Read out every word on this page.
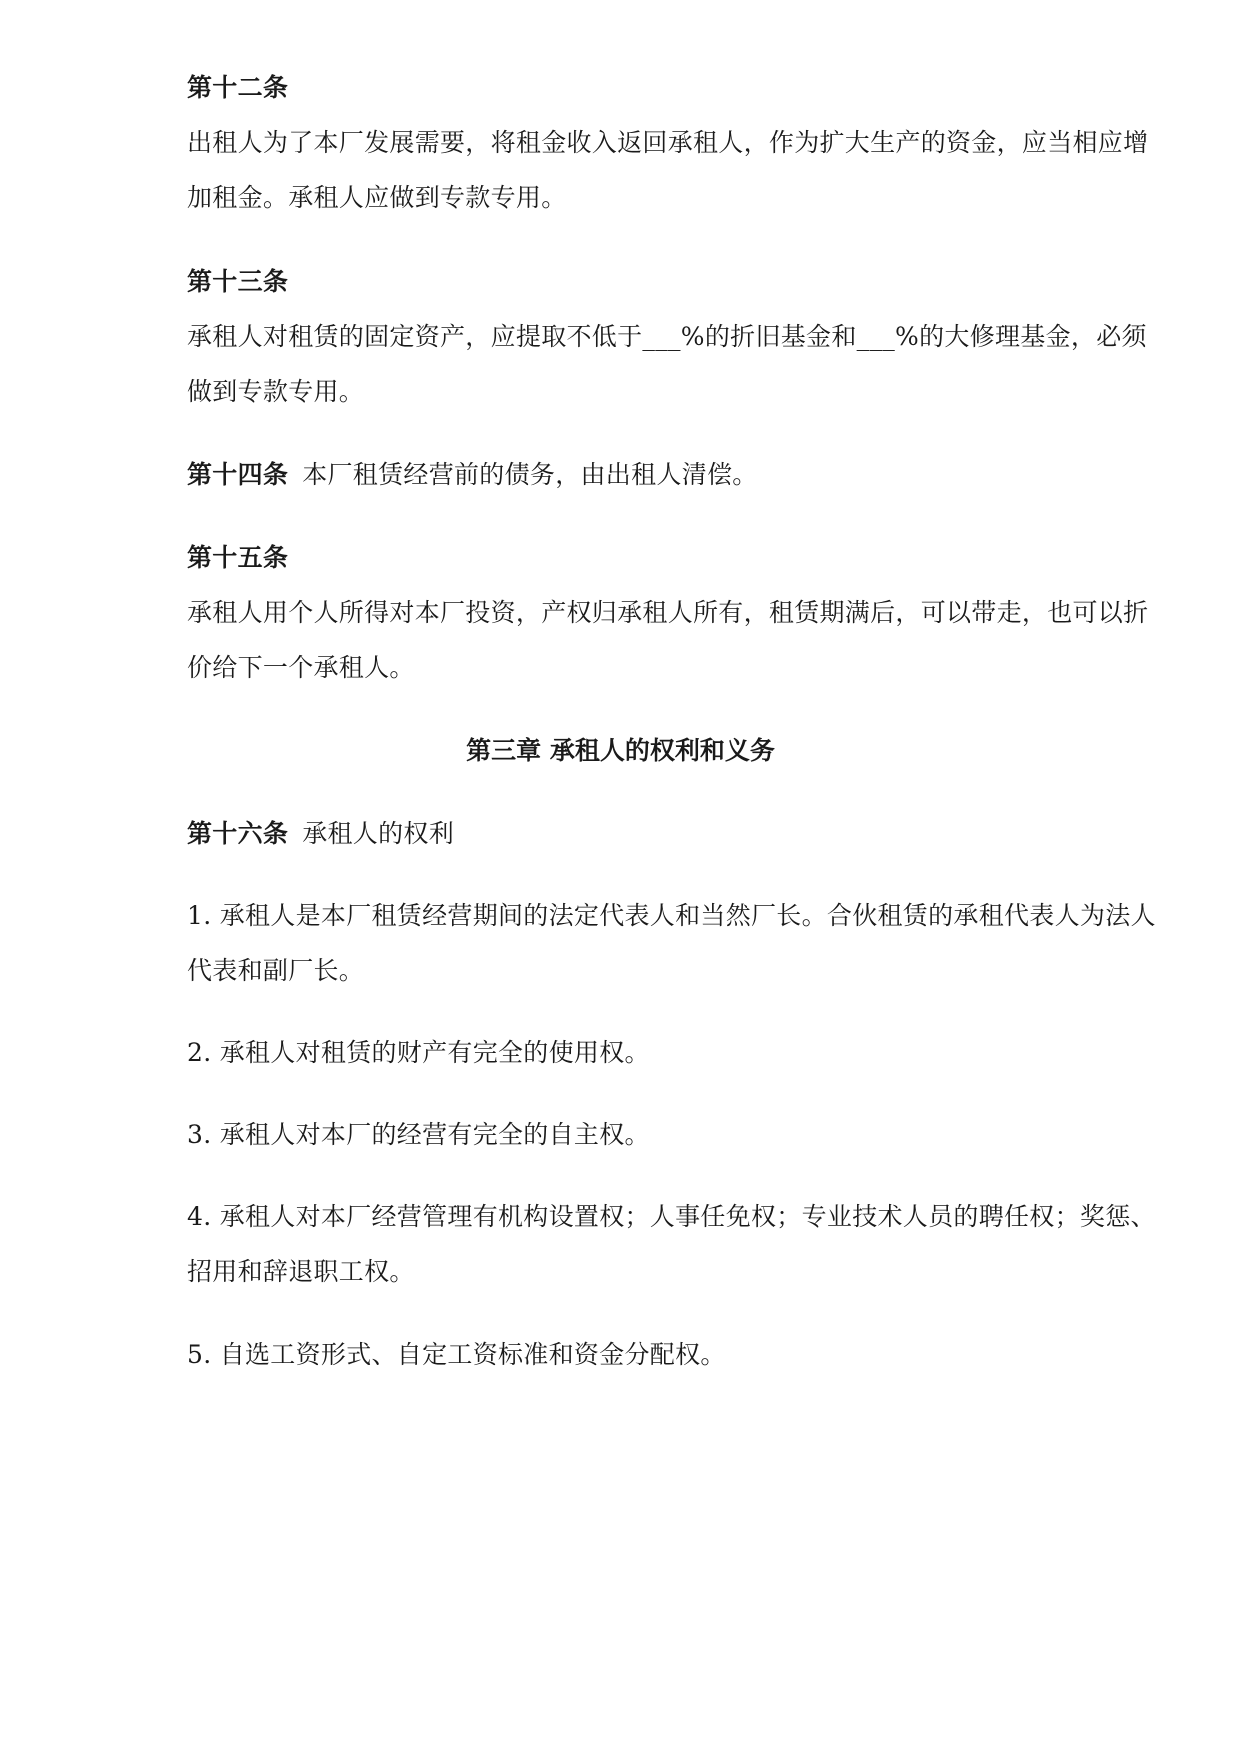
第十二条
出租人为了本厂发展需要，将租金收入返回承租人，作为扩大生产的资金，应当相应增
加租金。承租人应做到专款专用。
第十三条
承租人对租赁的固定资产，应提取不低于___%的折旧基金和___%的大修理基金，必须
做到专款专用。
第十四条 本厂租赁经营前的债务，由出租人清偿。
第十五条
承租人用个人所得对本厂投资，产权归承租人所有，租赁期满后，可以带走，也可以折
价给下一个承租人。
第三章 承租人的权利和义务
第十六条 承租人的权利
1. 承租人是本厂租赁经营期间的法定代表人和当然厂长。合伙租赁的承租代表人为法人
代表和副厂长。
2. 承租人对租赁的财产有完全的使用权。
3. 承租人对本厂的经营有完全的自主权。
4. 承租人对本厂经营管理有机构设置权；人事任免权；专业技术人员的聘任权；奖惩、
招用和辞退职工权。
5. 自选工资形式、自定工资标准和资金分配权。
